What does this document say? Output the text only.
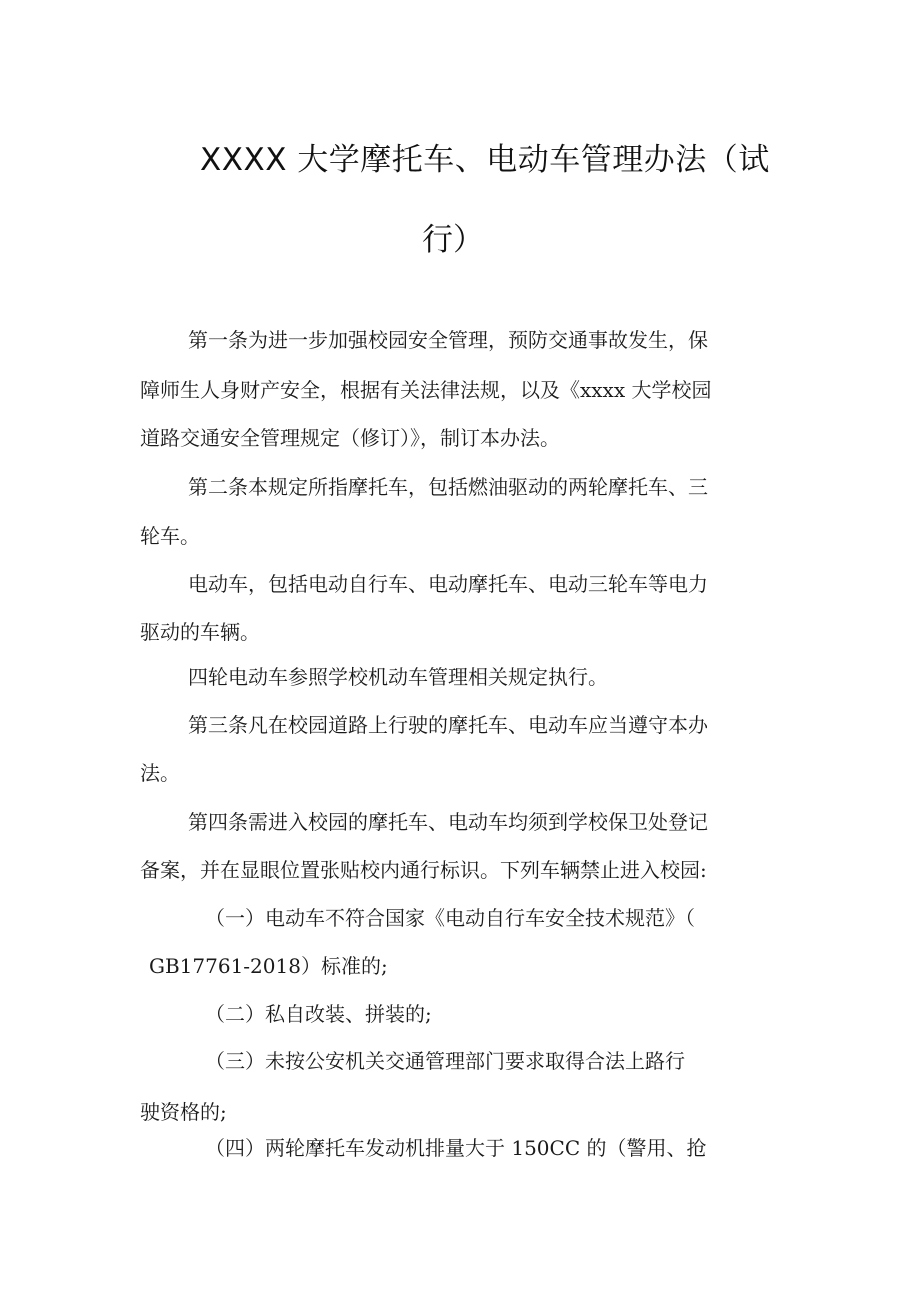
XXXX 大学摩托车、电动车管理办法（试
行）
第一条为进一步加强校园安全管理，预防交通事故发生，保
障师生人身财产安全，根据有关法律法规，以及《xxxx 大学校园
道路交通安全管理规定（修订）》，制订本办法。
第二条本规定所指摩托车，包括燃油驱动的两轮摩托车、三
轮车。
电动车，包括电动自行车、电动摩托车、电动三轮车等电力
驱动的车辆。
四轮电动车参照学校机动车管理相关规定执行。
第三条凡在校园道路上行驶的摩托车、电动车应当遵守本办
法。
第四条需进入校园的摩托车、电动车均须到学校保卫处登记
备案，并在显眼位置张贴校内通行标识。下列车辆禁止进入校园:
（一）电动车不符合国家《电动自行车安全技术规范》（
GB17761-2018）标准的;
（二）私自改装、拼装的;
（三）未按公安机关交通管理部门要求取得合法上路行
驶资格的;
（四）两轮摩托车发动机排量大于 150CC 的（警用、抢
